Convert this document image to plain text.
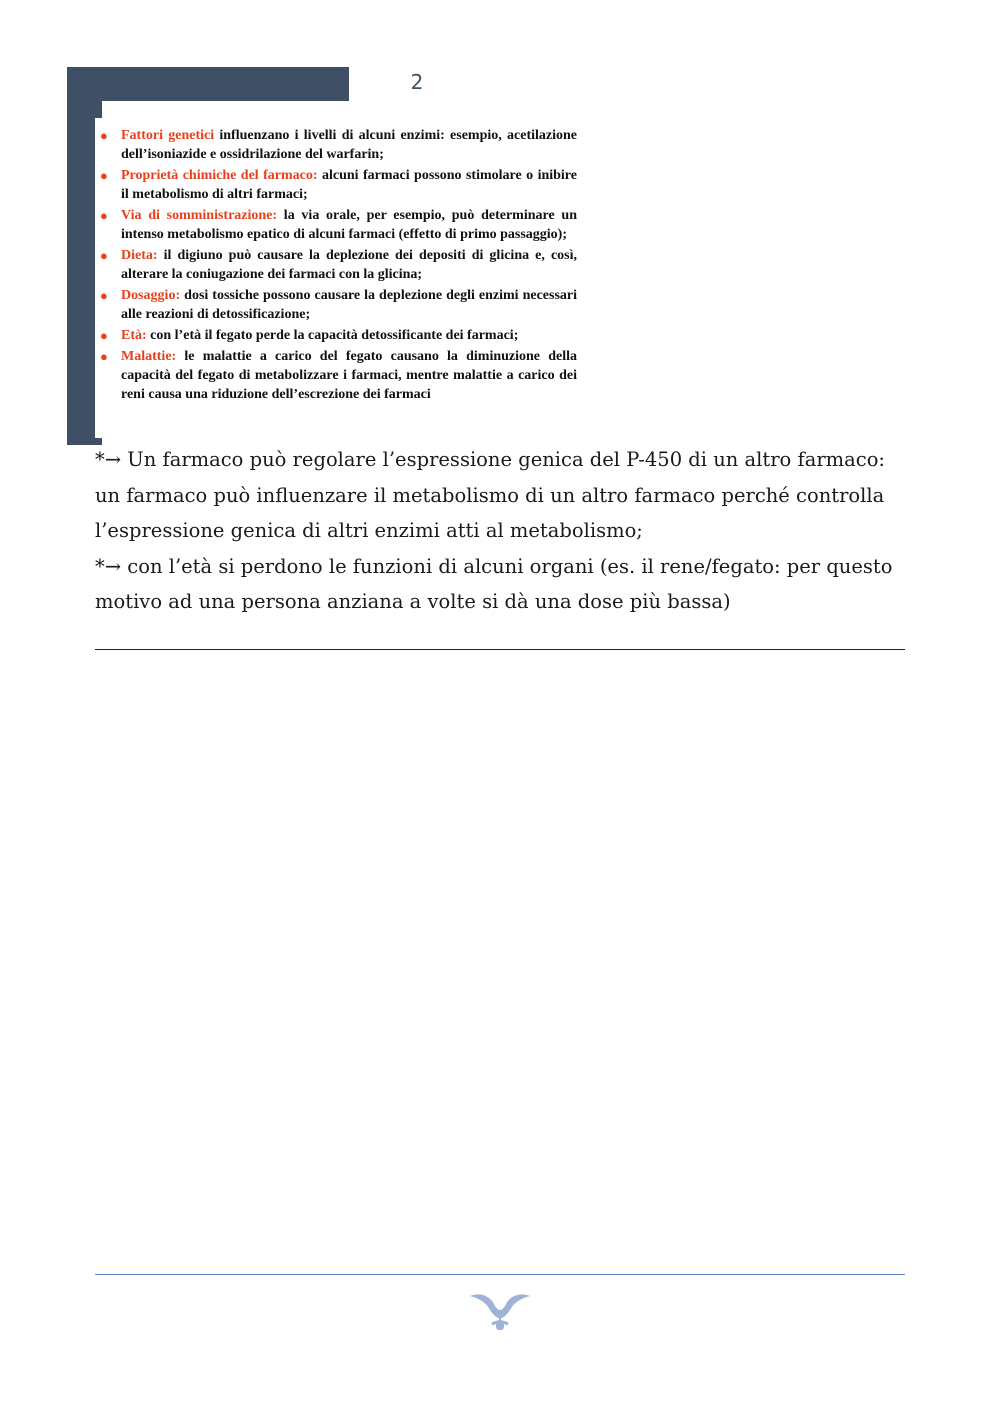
2
● Fattori genetici influenzano i livelli di alcuni enzimi: esempio, acetilazione dell’isoniazide e ossidrilazione del warfarin;
● Proprietà chimiche del farmaco: alcuni farmaci possono stimolare o inibire il metabolismo di altri farmaci;
● Via di somministrazione: la via orale, per esempio, può determinare un intenso metabolismo epatico di alcuni farmaci (effetto di primo passaggio);
● Dieta: il digiuno può causare la deplezione dei depositi di glicina e, così, alterare la coniugazione dei farmaci con la glicina;
● Dosaggio: dosi tossiche possono causare la deplezione degli enzimi necessari alle reazioni di detossificazione;
● Età: con l’età il fegato perde la capacità detossificante dei farmaci;
● Malattie: le malattie a carico del fegato causano la diminuzione della capacità del fegato di metabolizzare i farmaci, mentre malattie a carico dei reni causa una riduzione dell’escrezione dei farmaci

*→ Un farmaco può regolare l’espressione genica del P-450 di un altro farmaco: un farmaco può influenzare il metabolismo di un altro farmaco perché controlla l’espressione genica di altri enzimi atti al metabolismo;

*→ con l’età si perdono le funzioni di alcuni organi (es. il rene/fegato: per questo motivo ad una persona anziana a volte si dà una dose più bassa)
